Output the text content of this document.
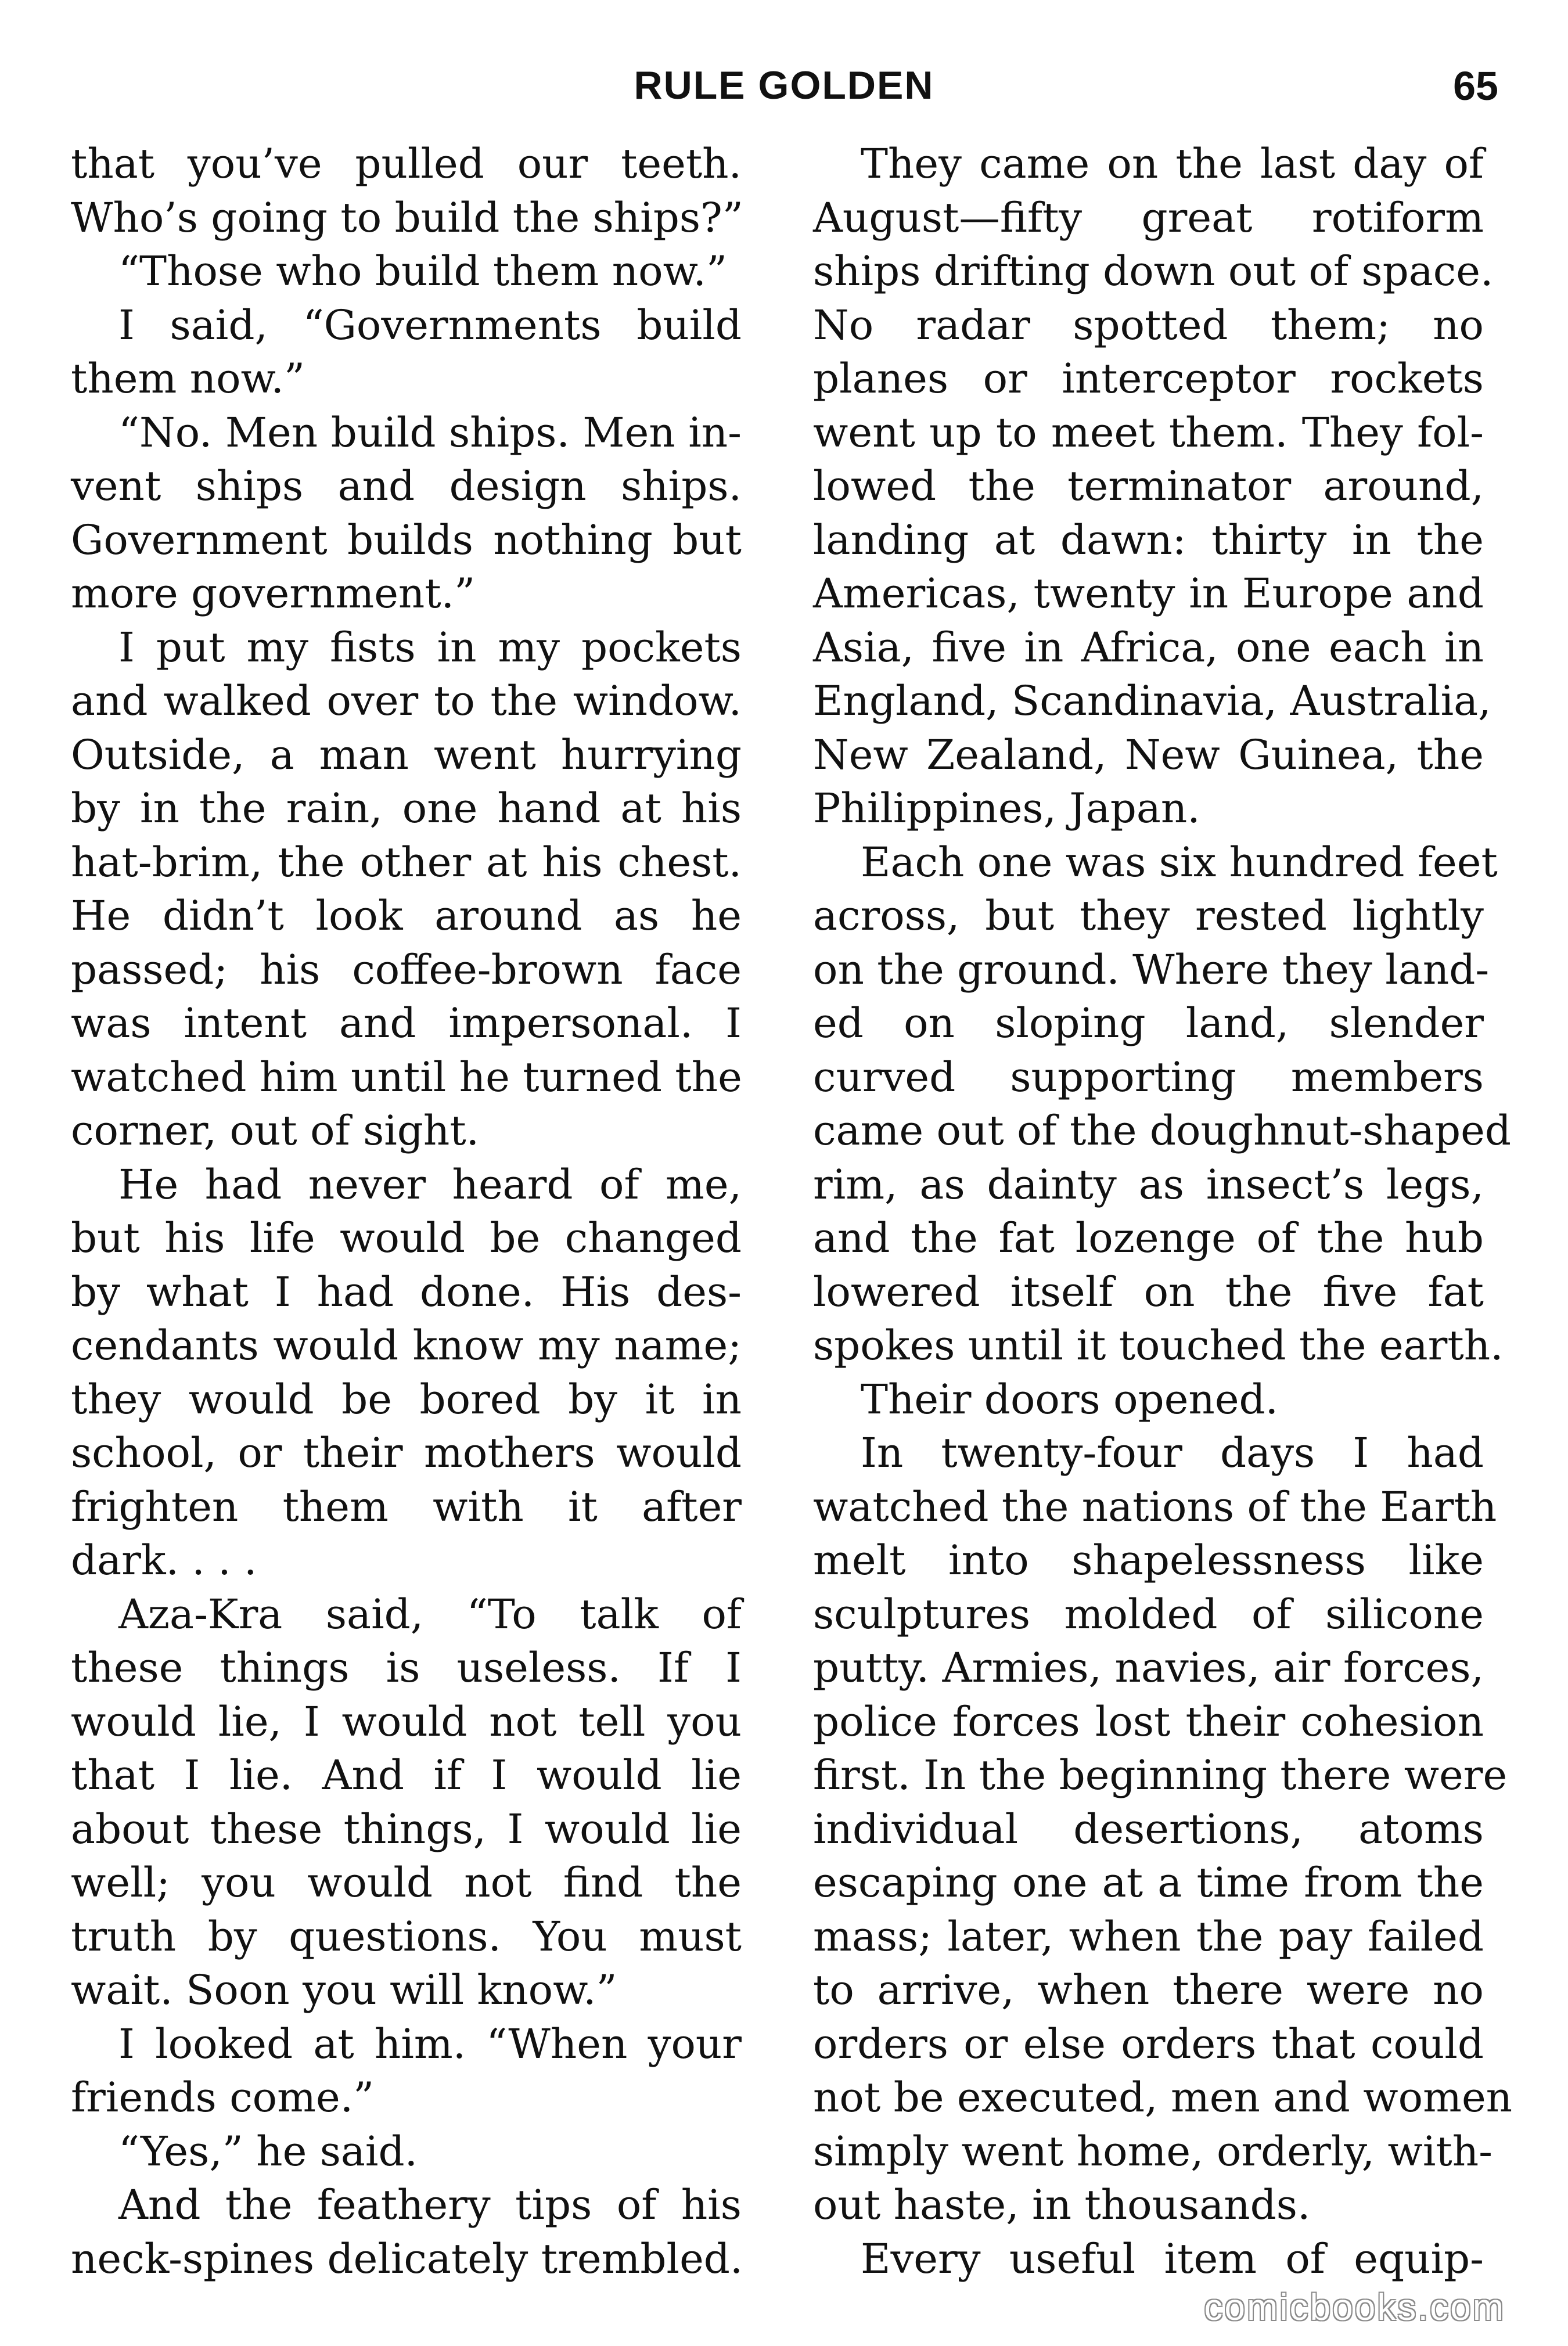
RULE GOLDEN	65
that you’ve pulled our teeth.
Who’s going to build the ships?”
“Those who build them now.”
I said, “Governments build
them now.”
“No. Men build ships. Men in-
vent ships and design ships.
Government builds nothing but
more government.”
I put my fists in my pockets
and walked over to the window.
Outside, a man went hurrying
by in the rain, one hand at his
hat-brim, the other at his chest.
He didn’t look around as he
passed; his coffee-brown face
was intent and impersonal. I
watched him until he turned the
corner, out of sight.
He had never heard of me,
but his life would be changed
by what I had done. His des-
cendants would know my name;
they would be bored by it in
school, or their mothers would
frighten them with it after
dark. . . .
Aza-Kra said, “To talk of
these things is useless. If I
would lie, I would not tell you
that I lie. And if I would lie
about these things, I would lie
well; you would not find the
truth by questions. You must
wait. Soon you will know.”
I looked at him. “When your
friends come.”
“Yes,” he said.
And the feathery tips of his
neck-spines delicately trembled.
They came on the last day of
August—fifty great rotiform
ships drifting down out of space.
No radar spotted them; no
planes or interceptor rockets
went up to meet them. They fol-
lowed the terminator around,
landing at dawn: thirty in the
Americas, twenty in Europe and
Asia, five in Africa, one each in
England, Scandinavia, Australia,
New Zealand, New Guinea, the
Philippines, Japan.
Each one was six hundred feet
across, but they rested lightly
on the ground. Where they land-
ed on sloping land, slender
curved supporting members
came out of the doughnut-shaped
rim, as dainty as insect’s legs,
and the fat lozenge of the hub
lowered itself on the five fat
spokes until it touched the earth.
Their doors opened.
In twenty-four days I had
watched the nations of the Earth
melt into shapelessness like
sculptures molded of silicone
putty. Armies, navies, air forces,
police forces lost their cohesion
first. In the beginning there were
individual desertions, atoms
escaping one at a time from the
mass; later, when the pay failed
to arrive, when there were no
orders or else orders that could
not be executed, men and women
simply went home, orderly, with-
out haste, in thousands.
Every useful item of equip-
comicbooks.com
